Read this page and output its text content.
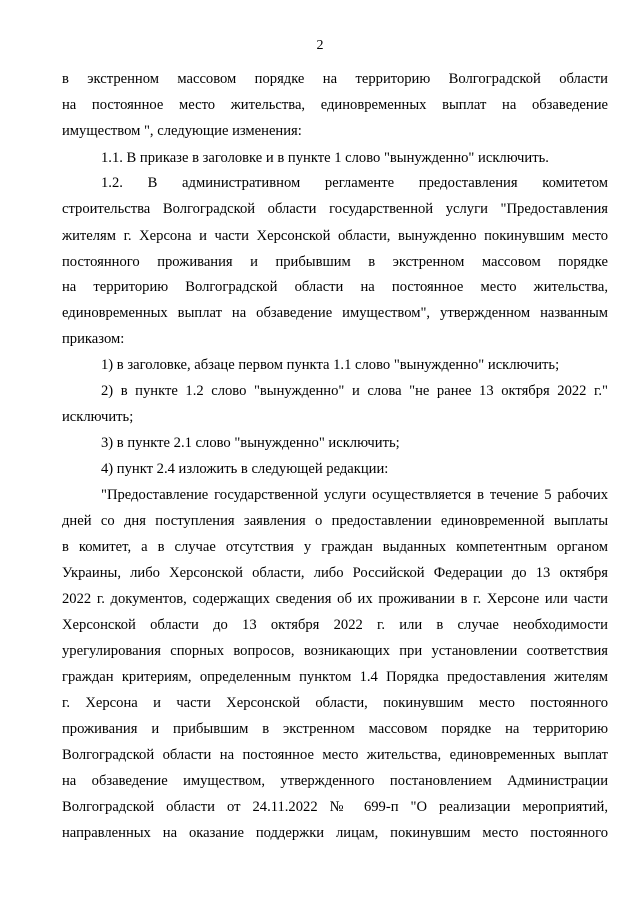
2
в экстренном массовом порядке на территорию Волгоградской области
на постоянное место жительства, единовременных выплат на обзаведение
имуществом ", следующие изменения:
1.1. В приказе в заголовке и в пункте 1 слово "вынужденно" исключить.
1.2. В административном регламенте предоставления комитетом
строительства Волгоградской области государственной услуги "Предоставления
жителям г. Херсона и части Херсонской области, вынужденно покинувшим место
постоянного проживания и прибывшим в экстренном массовом порядке
на территорию Волгоградской области на постоянное место жительства,
единовременных выплат на обзаведение имуществом", утвержденном названным
приказом:
1) в заголовке, абзаце первом пункта 1.1 слово "вынужденно" исключить;
2) в пункте 1.2 слово "вынужденно" и слова "не ранее 13 октября 2022 г."
исключить;
3) в пункте 2.1 слово "вынужденно" исключить;
4) пункт 2.4 изложить в следующей редакции:
"Предоставление государственной услуги осуществляется в течение 5 рабочих
дней со дня поступления заявления о предоставлении единовременной выплаты
в комитет, а в случае отсутствия у граждан выданных компетентным органом
Украины, либо Херсонской области, либо Российской Федерации до 13 октября
2022 г. документов, содержащих сведения об их проживании в г. Херсоне или части
Херсонской области до 13 октября 2022 г. или в случае необходимости
урегулирования спорных вопросов, возникающих при установлении соответствия
граждан критериям, определенным пунктом 1.4 Порядка предоставления жителям
г. Херсона и части Херсонской области, покинувшим место постоянного
проживания и прибывшим в экстренном массовом порядке на территорию
Волгоградской области на постоянное место жительства, единовременных выплат
на обзаведение имуществом, утвержденного постановлением Администрации
Волгоградской области от 24.11.2022 № 699-п "О реализации мероприятий,
направленных на оказание поддержки лицам, покинувшим место постоянного
